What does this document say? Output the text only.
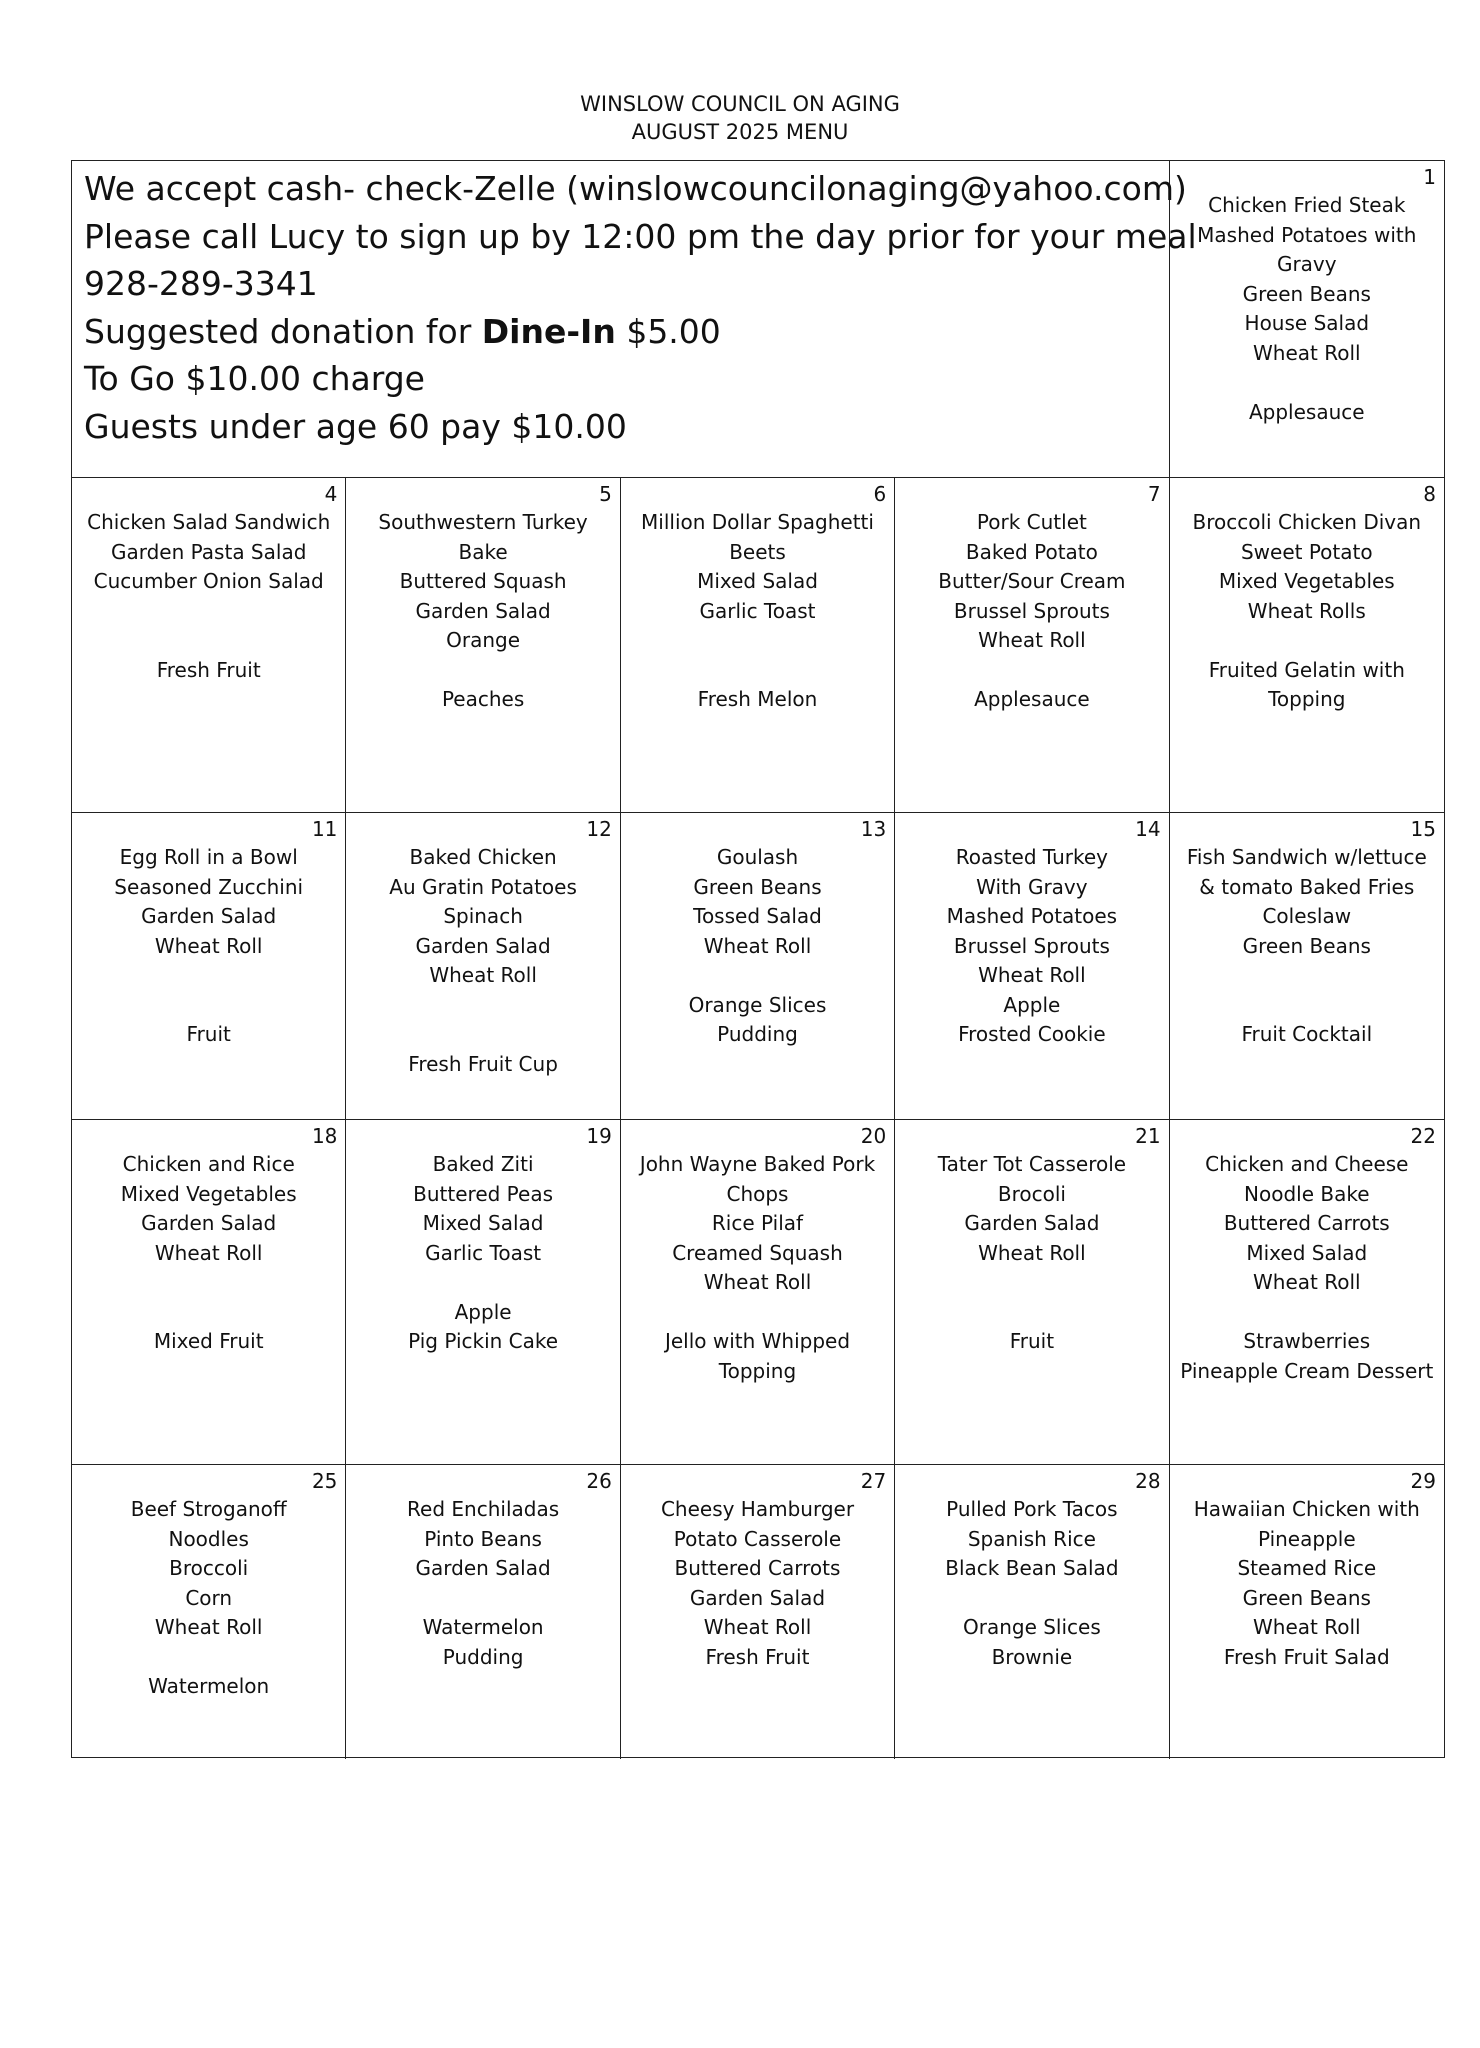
WINSLOW COUNCIL ON AGING
AUGUST 2025 MENU
We accept cash- check-Zelle (winslowcouncilonaging@yahoo.com)
Please call Lucy to sign up by 12:00 pm the day prior for your meal
928-289-3341
Suggested donation for Dine-In $5.00
To Go $10.00 charge
Guests under age 60 pay $10.00
1
Chicken Fried Steak
Mashed Potatoes with
Gravy
Green Beans
House Salad
Wheat Roll
Applesauce
4
Chicken Salad Sandwich
Garden Pasta Salad
Cucumber Onion Salad
Fresh Fruit
5
Southwestern Turkey
Bake
Buttered Squash
Garden Salad
Orange
Peaches
6
Million Dollar Spaghetti
Beets
Mixed Salad
Garlic Toast
Fresh Melon
7
Pork Cutlet
Baked Potato
Butter/Sour Cream
Brussel Sprouts
Wheat Roll
Applesauce
8
Broccoli Chicken Divan
Sweet Potato
Mixed Vegetables
Wheat Rolls
Fruited Gelatin with
Topping
11
Egg Roll in a Bowl
Seasoned Zucchini
Garden Salad
Wheat Roll
Fruit
12
Baked Chicken
Au Gratin Potatoes
Spinach
Garden Salad
Wheat Roll
Fresh Fruit Cup
13
Goulash
Green Beans
Tossed Salad
Wheat Roll
Orange Slices
Pudding
14
Roasted Turkey
With Gravy
Mashed Potatoes
Brussel Sprouts
Wheat Roll
Apple
Frosted Cookie
15
Fish Sandwich w/lettuce
& tomato Baked Fries
Coleslaw
Green Beans
Fruit Cocktail
18
Chicken and Rice
Mixed Vegetables
Garden Salad
Wheat Roll
Mixed Fruit
19
Baked Ziti
Buttered Peas
Mixed Salad
Garlic Toast
Apple
Pig Pickin Cake
20
John Wayne Baked Pork
Chops
Rice Pilaf
Creamed Squash
Wheat Roll
Jello with Whipped
Topping
21
Tater Tot Casserole
Brocoli
Garden Salad
Wheat Roll
Fruit
22
Chicken and Cheese
Noodle Bake
Buttered Carrots
Mixed Salad
Wheat Roll
Strawberries
Pineapple Cream Dessert
25
Beef Stroganoff
Noodles
Broccoli
Corn
Wheat Roll
Watermelon
26
Red Enchiladas
Pinto Beans
Garden Salad
Watermelon
Pudding
27
Cheesy Hamburger
Potato Casserole
Buttered Carrots
Garden Salad
Wheat Roll
Fresh Fruit
28
Pulled Pork Tacos
Spanish Rice
Black Bean Salad
Orange Slices
Brownie
29
Hawaiian Chicken with
Pineapple
Steamed Rice
Green Beans
Wheat Roll
Fresh Fruit Salad
